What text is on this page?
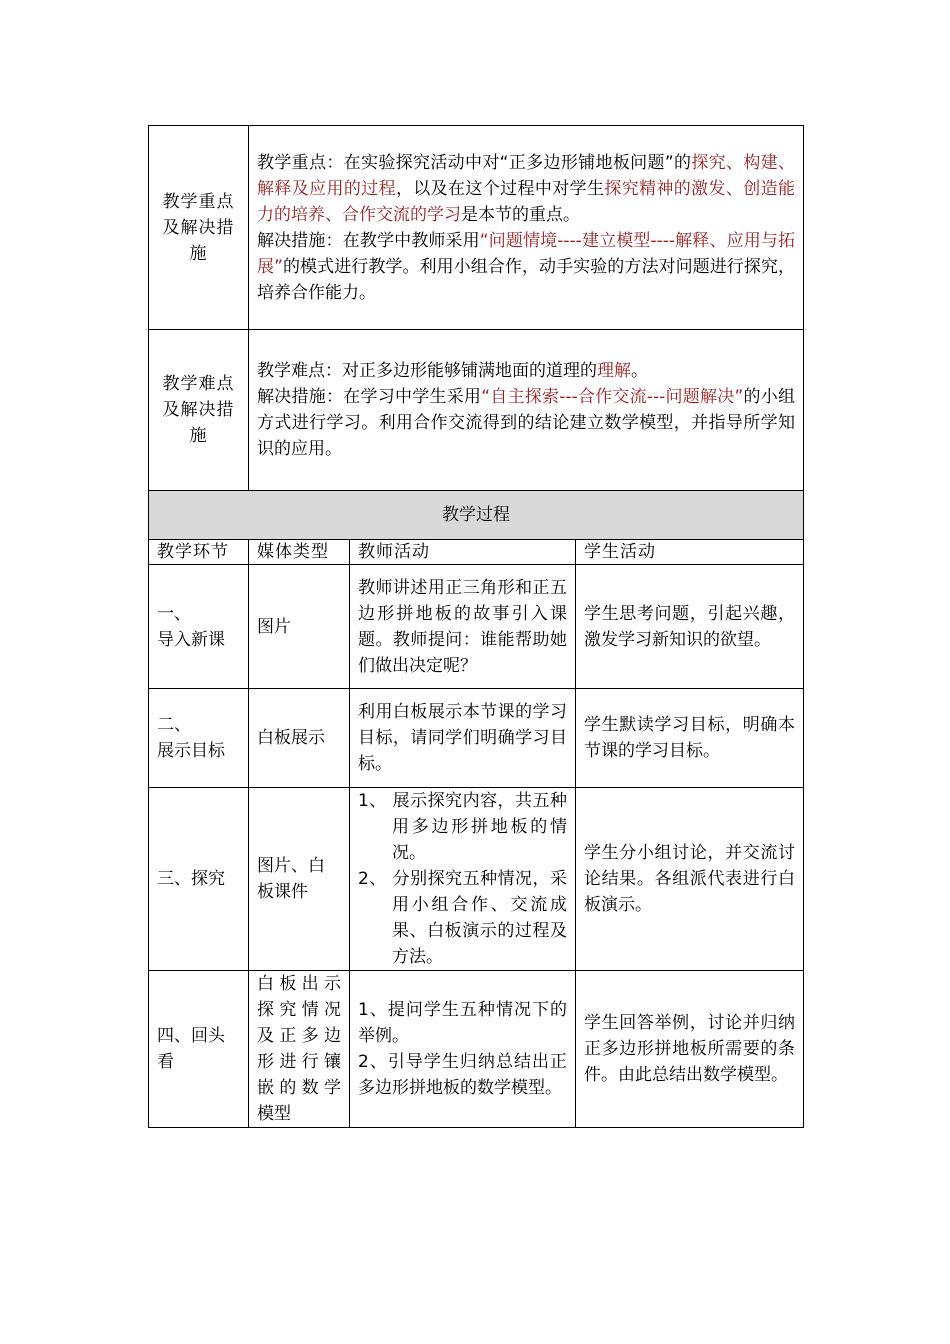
教学重点及解决措施	教学重点：在实验探究活动中对“正多边形铺地板问题”的探究、构建、解释及应用的过程，以及在这个过程中对学生探究精神的激发、创造能力的培养、合作交流的学习是本节的重点。
解决措施：在教学中教师采用“问题情境----建立模型----解释、应用与拓展”的模式进行教学。利用小组合作，动手实验的方法对问题进行探究，培养合作能力。		

教学难点及解决措施	教学难点：对正多边形能够铺满地面的道理的理解。
解决措施：在学习中学生采用“自主探索---合作交流---问题解决”的小组方式进行学习。利用合作交流得到的结论建立数学模型，并指导所学知识的应用。		

教学过程			
教学环节	媒体类型	教师活动	学生活动

一、
导入新课	图片	教师讲述用正三角形和正五边形拼地板的故事引入课题。教师提问：谁能帮助她们做出决定呢？	学生思考问题，引起兴趣，激发学习新知识的欲望。

二、
展示目标	白板展示	利用白板展示本节课的学习目标，请同学们明确学习目标。	学生默读学习目标，明确本节课的学习目标。

三、探究	图片、白板课件	1、 展示探究内容，共五种用多边形拼地板的情况。
2、 分别探究五种情况，采用小组合作、交流成果、白板演示的过程及方法。	学生分小组讨论，并交流讨论结果。各组派代表进行白板演示。

四、回头看	白板出示探究情况及正多边形进行镶嵌的数学模型	1、提问学生五种情况下的举例。
2、引导学生归纳总结出正多边形拼地板的数学模型。	学生回答举例，讨论并归纳正多边形拼地板所需要的条件。由此总结出数学模型。
